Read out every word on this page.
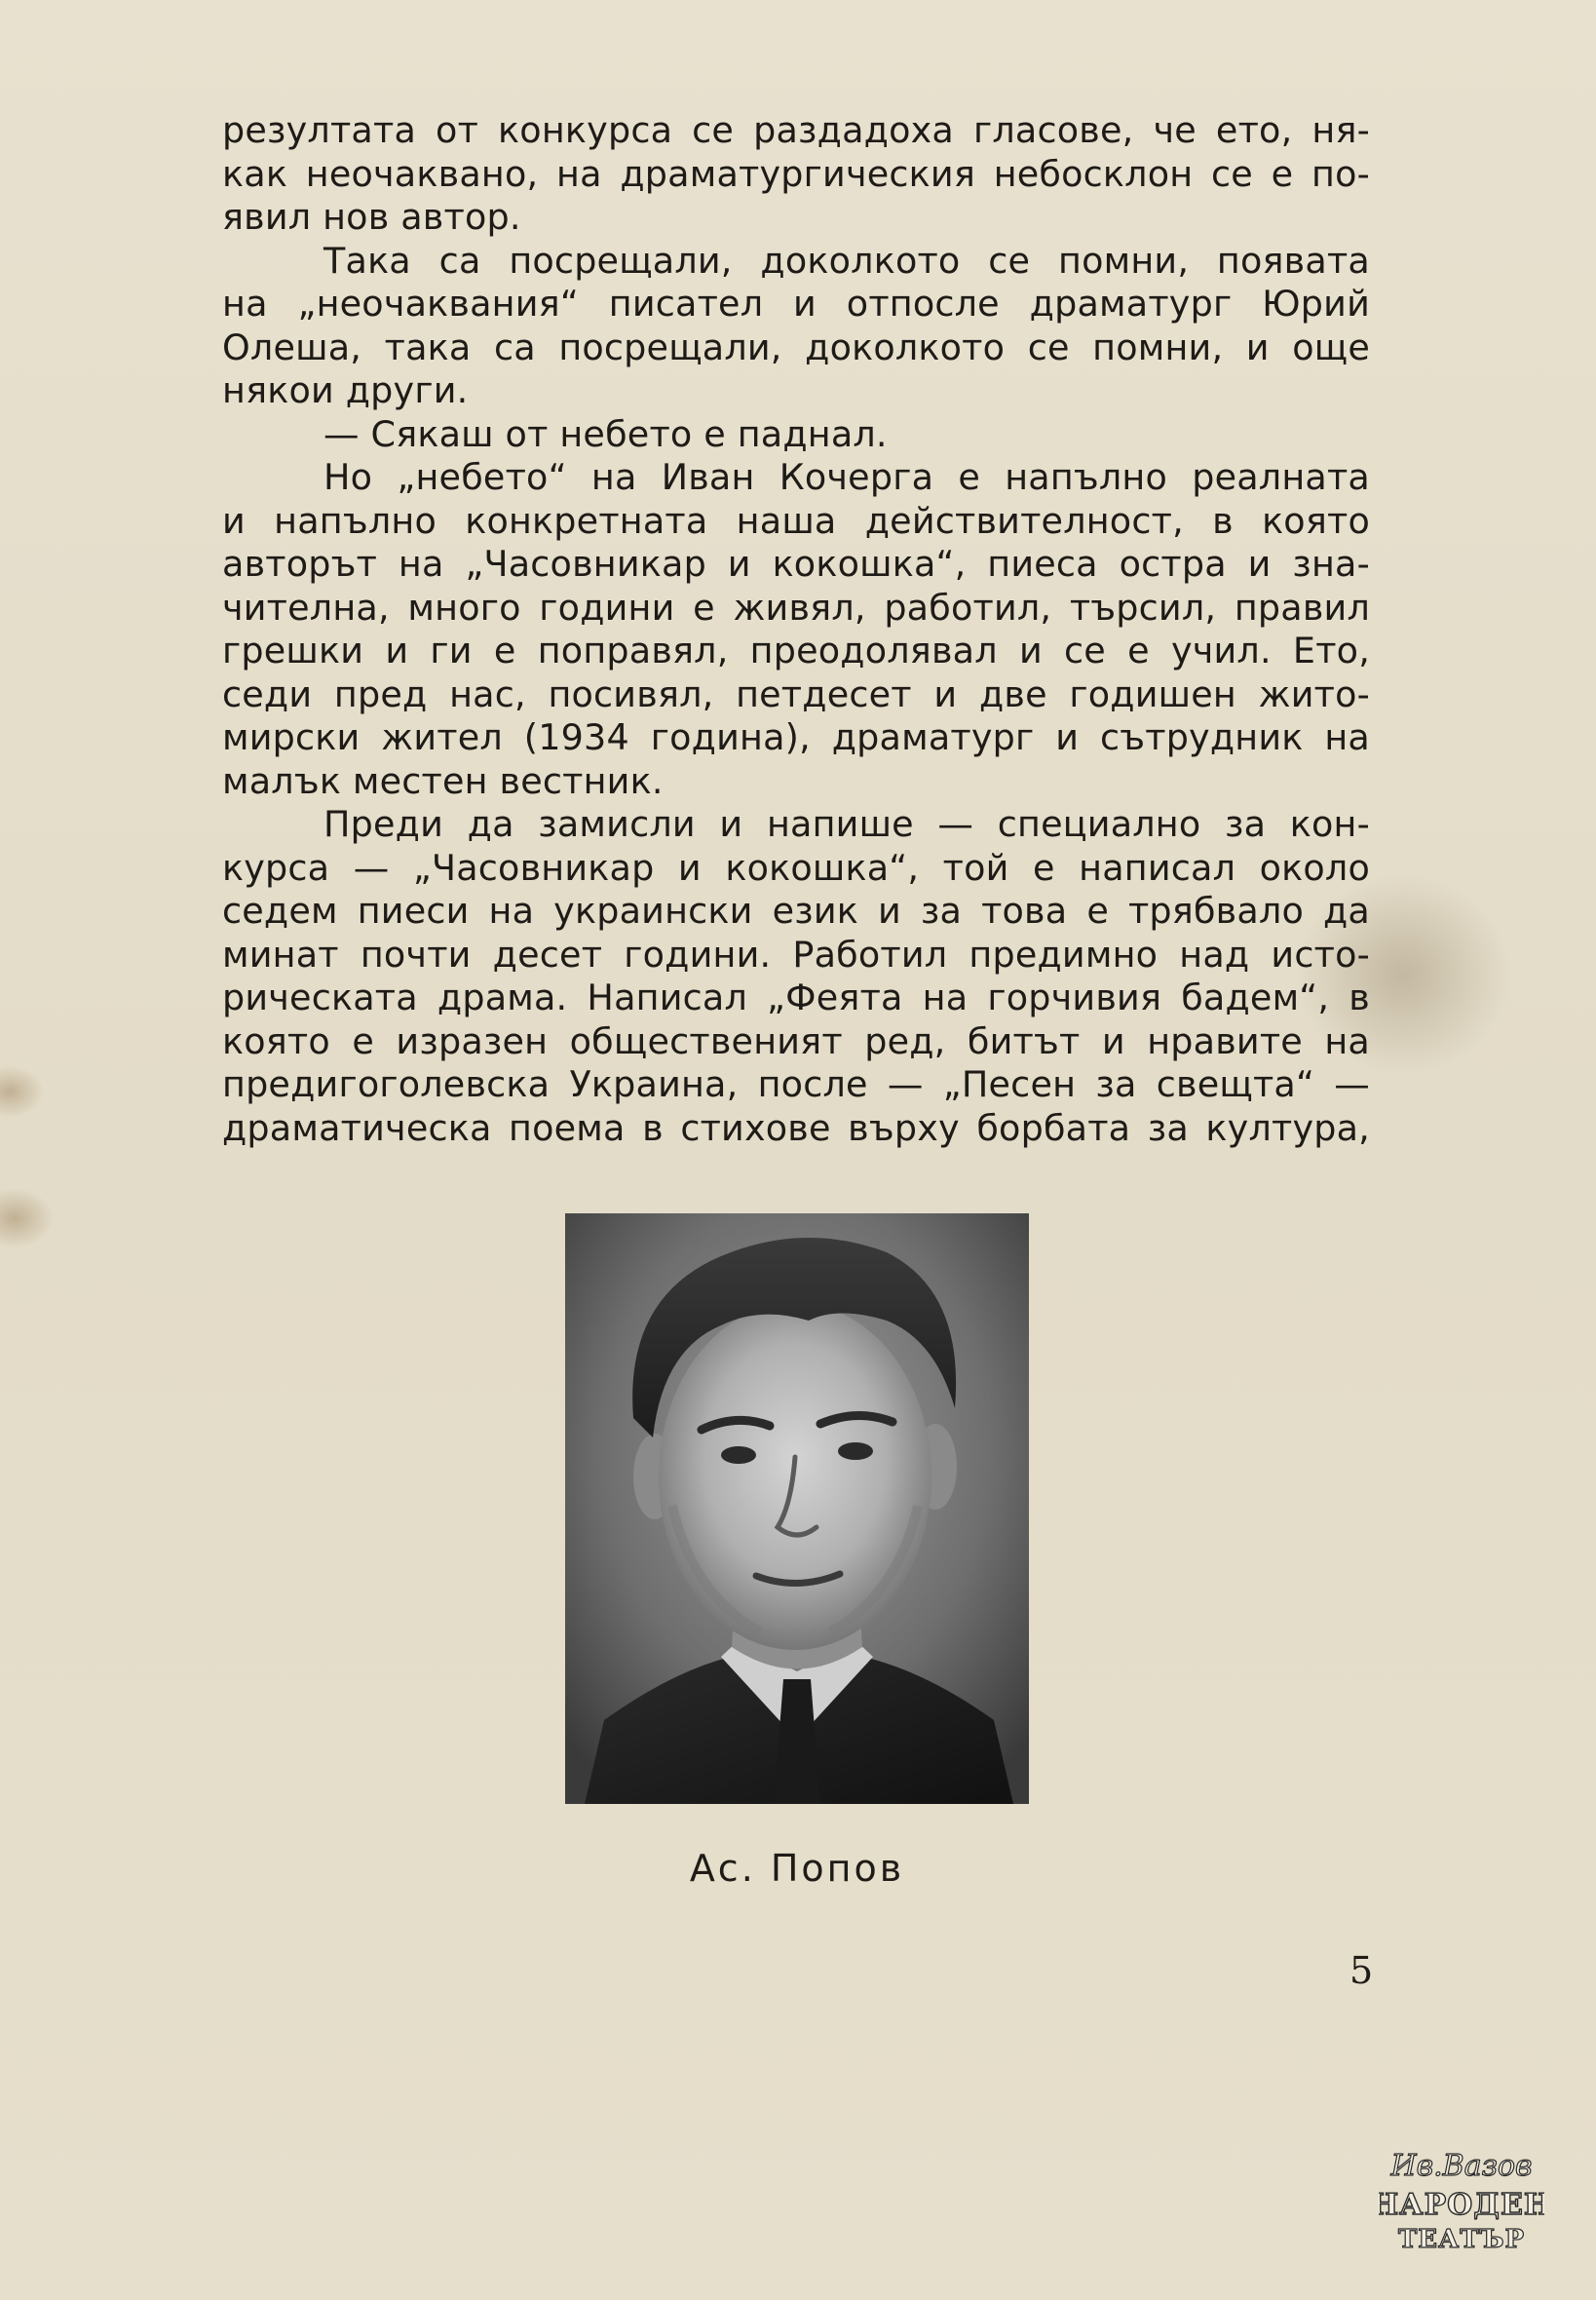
резултата от конкурса се раздадоха гласове, че ето, ня-
как неочаквано, на драматургическия небосклон се е по-
явил нов автор.
Така са посрещали, доколкото се помни, появата
на „неочаквания“ писател и отпосле драматург Юрий
Олеша, така са посрещали, доколкото се помни, и още
някои други.
— Сякаш от небето е паднал.
Но „небето“ на Иван Кочерга е напълно реалната
и напълно конкретната наша действителност, в която
авторът на „Часовникар и кокошка“, пиеса остра и зна-
чителна, много години е живял, работил, търсил, правил
грешки и ги е поправял, преодолявал и се е учил. Ето,
седи пред нас, посивял, петдесет и две годишен жито-
мирски жител (1934 година), драматург и сътрудник на
малък местен вестник.
Преди да замисли и напише — специално за кон-
курса — „Часовникар и кокошка“, той е написал около
седем пиеси на украински език и за това е трябвало да
минат почти десет години. Работил предимно над исто-
рическата драма. Написал „Феята на горчивия бадем“, в
която е изразен общественият ред, битът и нравите на
предигоголевска Украина, после — „Песен за свещта“ —
драматическа поема в стихове върху борбата за култура,
Ас. Попов
5
Ив.Вазов
НАРОДЕН
ТЕАТЪР
